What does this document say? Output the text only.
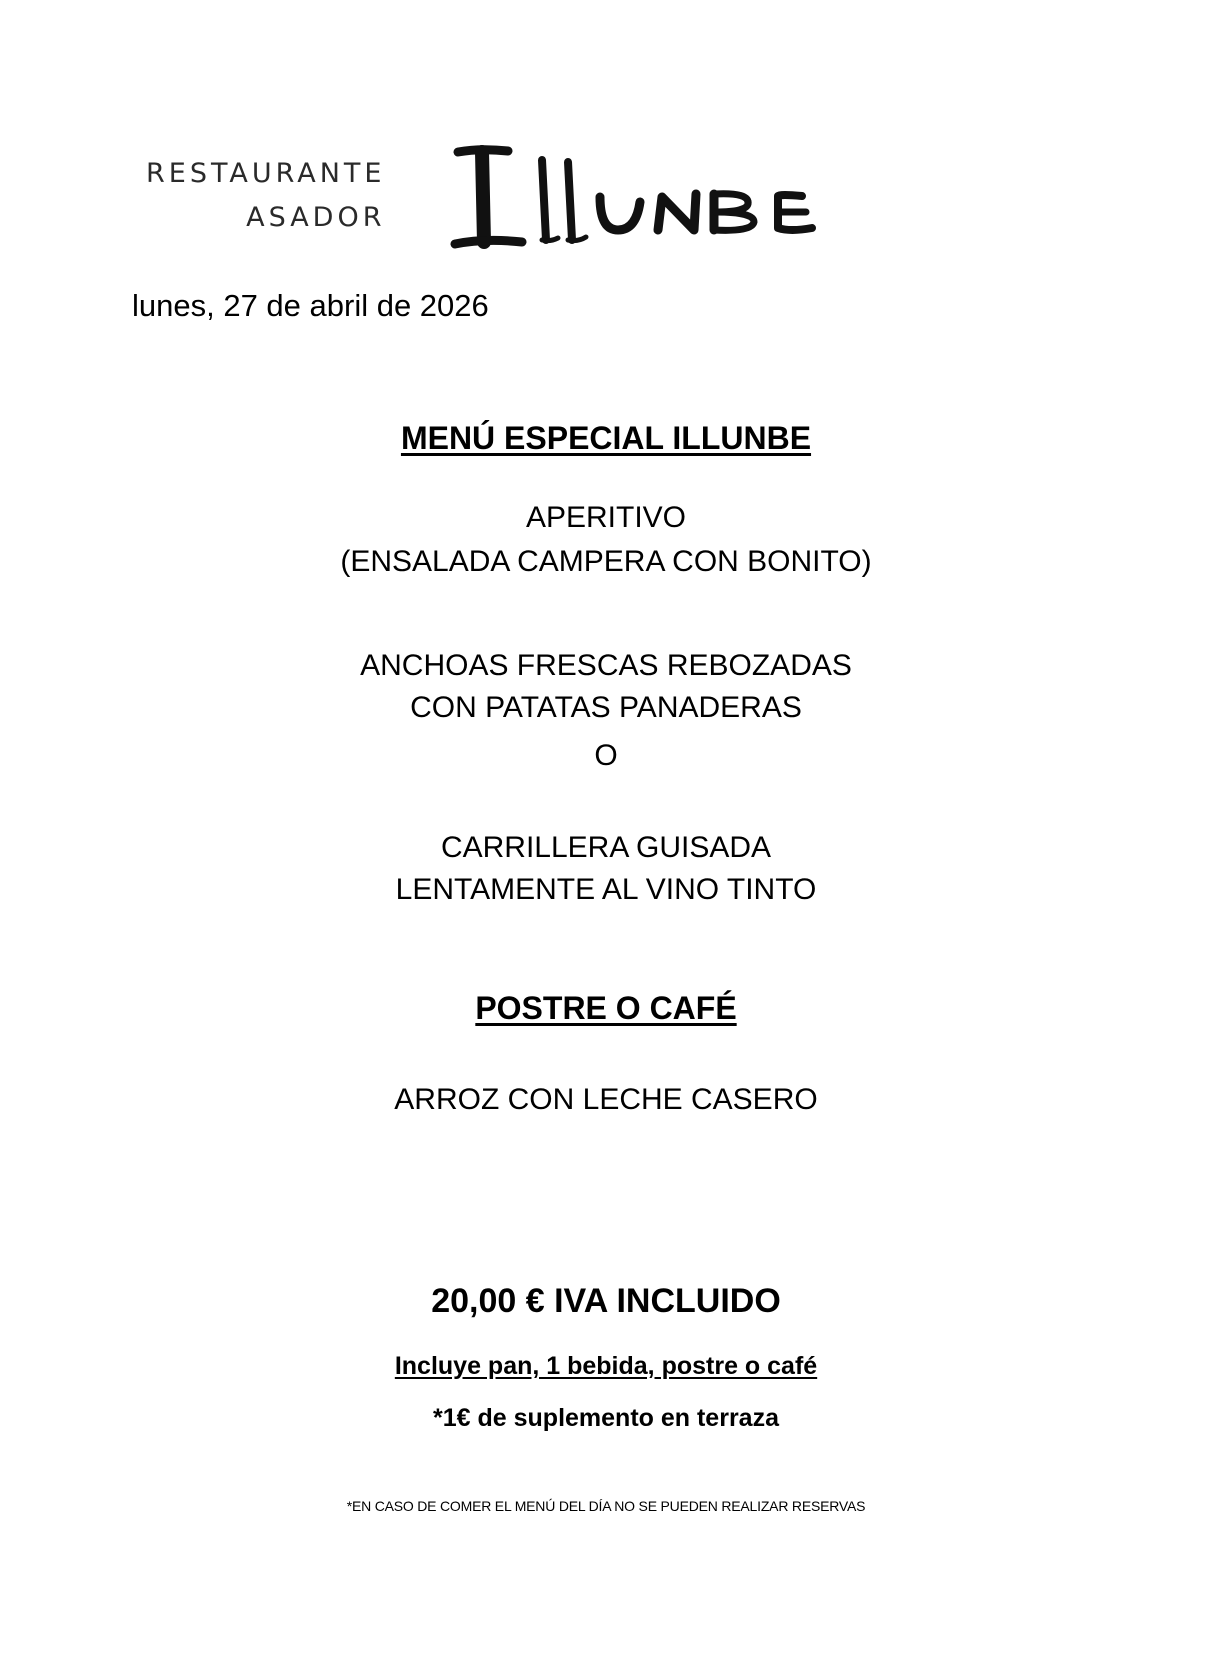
RESTAURANTE
ASADOR
lunes, 27 de abril de 2026
MENÚ ESPECIAL ILLUNBE
APERITIVO
(ENSALADA CAMPERA CON BONITO)
ANCHOAS FRESCAS REBOZADAS
CON PATATAS PANADERAS
O
CARRILLERA GUISADA
LENTAMENTE AL VINO TINTO
POSTRE O CAFÉ
ARROZ CON LECHE CASERO
20,00 € IVA INCLUIDO
Incluye pan, 1 bebida, postre o café
*1€ de suplemento en terraza
*EN CASO DE COMER EL MENÚ DEL DÍA NO SE PUEDEN REALIZAR RESERVAS
